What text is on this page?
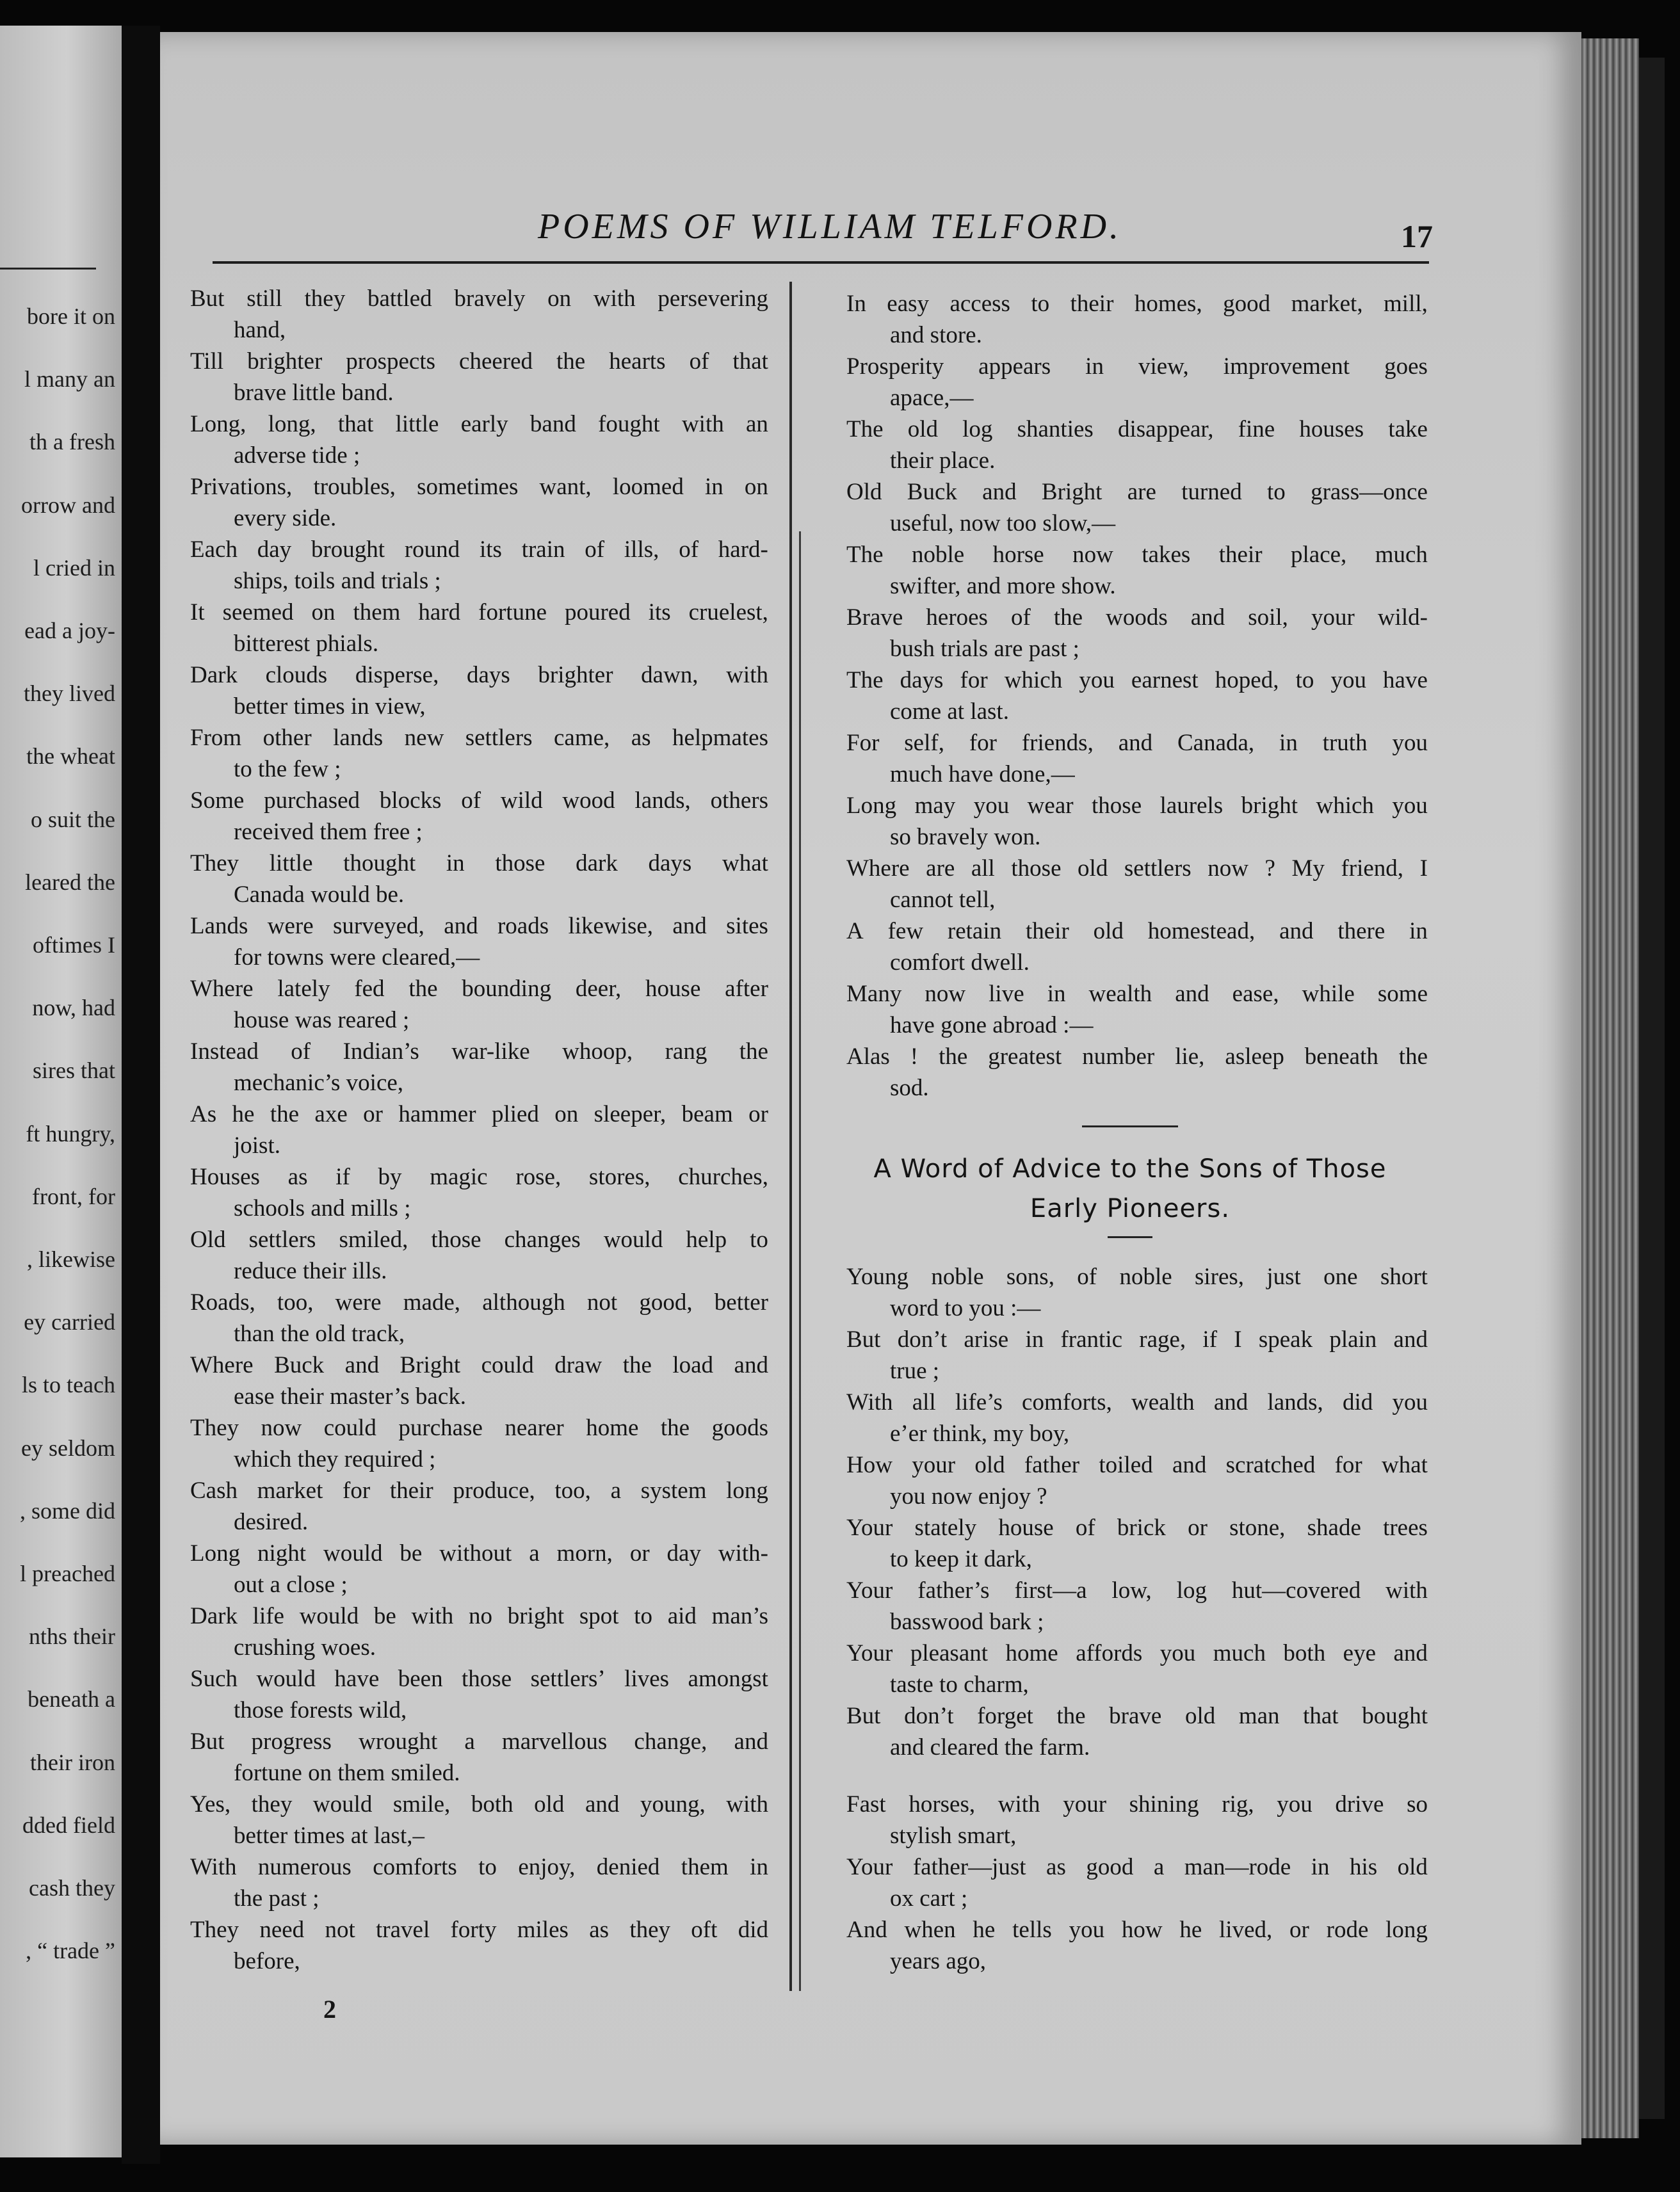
bore it on
l many an
th a fresh
orrow and
l cried in
ead a joy-
they lived
the wheat
o suit the
leared the
oftimes I
now, had
sires that
ft hungry,
front, for
, likewise
ey carried
ls to teach
ey seldom
, some did
l preached
nths their
beneath a
their iron
dded field
cash they
, “ trade ”
POEMS OF WILLIAM TELFORD.	17
But still they battled bravely on with persevering
hand,
Till brighter prospects cheered the hearts of that
brave little band.
Long, long, that little early band fought with an
adverse tide ;
Privations, troubles, sometimes want, loomed in on
every side.
Each day brought round its train of ills, of hard-
ships, toils and trials ;
It seemed on them hard fortune poured its cruelest,
bitterest phials.
Dark clouds disperse, days brighter dawn, with
better times in view,
From other lands new settlers came, as helpmates
to the few ;
Some purchased blocks of wild wood lands, others
received them free ;
They little thought in those dark days what
Canada would be.
Lands were surveyed, and roads likewise, and sites
for towns were cleared,—
Where lately fed the bounding deer, house after
house was reared ;
Instead of Indian’s war-like whoop, rang the
mechanic’s voice,
As he the axe or hammer plied on sleeper, beam or
joist.
Houses as if by magic rose, stores, churches,
schools and mills ;
Old settlers smiled, those changes would help to
reduce their ills.
Roads, too, were made, although not good, better
than the old track,
Where Buck and Bright could draw the load and
ease their master’s back.
They now could purchase nearer home the goods
which they required ;
Cash market for their produce, too, a system long
desired.
Long night would be without a morn, or day with-
out a close ;
Dark life would be with no bright spot to aid man’s
crushing woes.
Such would have been those settlers’ lives amongst
those forests wild,
But progress wrought a marvellous change, and
fortune on them smiled.
Yes, they would smile, both old and young, with
better times at last,–
With numerous comforts to enjoy, denied them in
the past ;
They need not travel forty miles as they oft did
before,
In easy access to their homes, good market, mill,
and store.
Prosperity appears in view, improvement goes
apace,—
The old log shanties disappear, fine houses take
their place.
Old Buck and Bright are turned to grass—once
useful, now too slow,—
The noble horse now takes their place, much
swifter, and more show.
Brave heroes of the woods and soil, your wild-
bush trials are past ;
The days for which you earnest hoped, to you have
come at last.
For self, for friends, and Canada, in truth you
much have done,—
Long may you wear those laurels bright which you
so bravely won.
Where are all those old settlers now ? My friend, I
cannot tell,
A few retain their old homestead, and there in
comfort dwell.
Many now live in wealth and ease, while some
have gone abroad :—
Alas ! the greatest number lie, asleep beneath the
sod.
A Word of Advice to the Sons of Those
Early Pioneers.
Young noble sons, of noble sires, just one short
word to you :—
But don’t arise in frantic rage, if I speak plain and
true ;
With all life’s comforts, wealth and lands, did you
e’er think, my boy,
How your old father toiled and scratched for what
you now enjoy ?
Your stately house of brick or stone, shade trees
to keep it dark,
Your father’s first—a low, log hut—covered with
basswood bark ;
Your pleasant home affords you much both eye and
taste to charm,
But don’t forget the brave old man that bought
and cleared the farm.
Fast horses, with your shining rig, you drive so
stylish smart,
Your father—just as good a man—rode in his old
ox cart ;
And when he tells you how he lived, or rode long
years ago,
2
